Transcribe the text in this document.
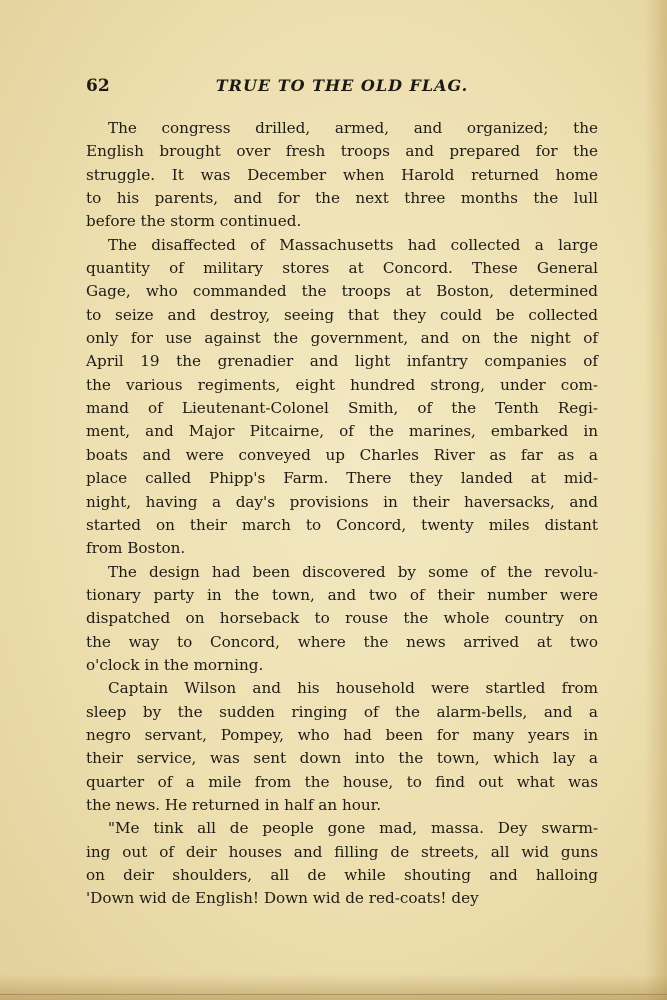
62	TRUE TO THE OLD FLAG.
The congress drilled, armed, and organized; the
English brought over fresh troops and prepared for the
struggle. It was December when Harold returned home
to his parents, and for the next three months the lull
before the storm continued.
The disaffected of Massachusetts had collected a large
quantity of military stores at Concord. These General
Gage, who commanded the troops at Boston, determined
to seize and destroy, seeing that they could be collected
only for use against the government, and on the night of
April 19 the grenadier and light infantry companies of
the various regiments, eight hundred strong, under com-
mand of Lieutenant-Colonel Smith, of the Tenth Regi-
ment, and Major Pitcairne, of the marines, embarked in
boats and were conveyed up Charles River as far as a
place called Phipp's Farm. There they landed at mid-
night, having a day's provisions in their haversacks, and
started on their march to Concord, twenty miles distant
from Boston.
The design had been discovered by some of the revolu-
tionary party in the town, and two of their number were
dispatched on horseback to rouse the whole country on
the way to Concord, where the news arrived at two
o'clock in the morning.
Captain Wilson and his household were startled from
sleep by the sudden ringing of the alarm-bells, and a
negro servant, Pompey, who had been for many years in
their service, was sent down into the town, which lay a
quarter of a mile from the house, to find out what was
the news. He returned in half an hour.
"Me tink all de people gone mad, massa. Dey swarm-
ing out of deir houses and filling de streets, all wid guns
on deir shoulders, all de while shouting and halloing
'Down wid de English! Down wid de red-coats! dey
